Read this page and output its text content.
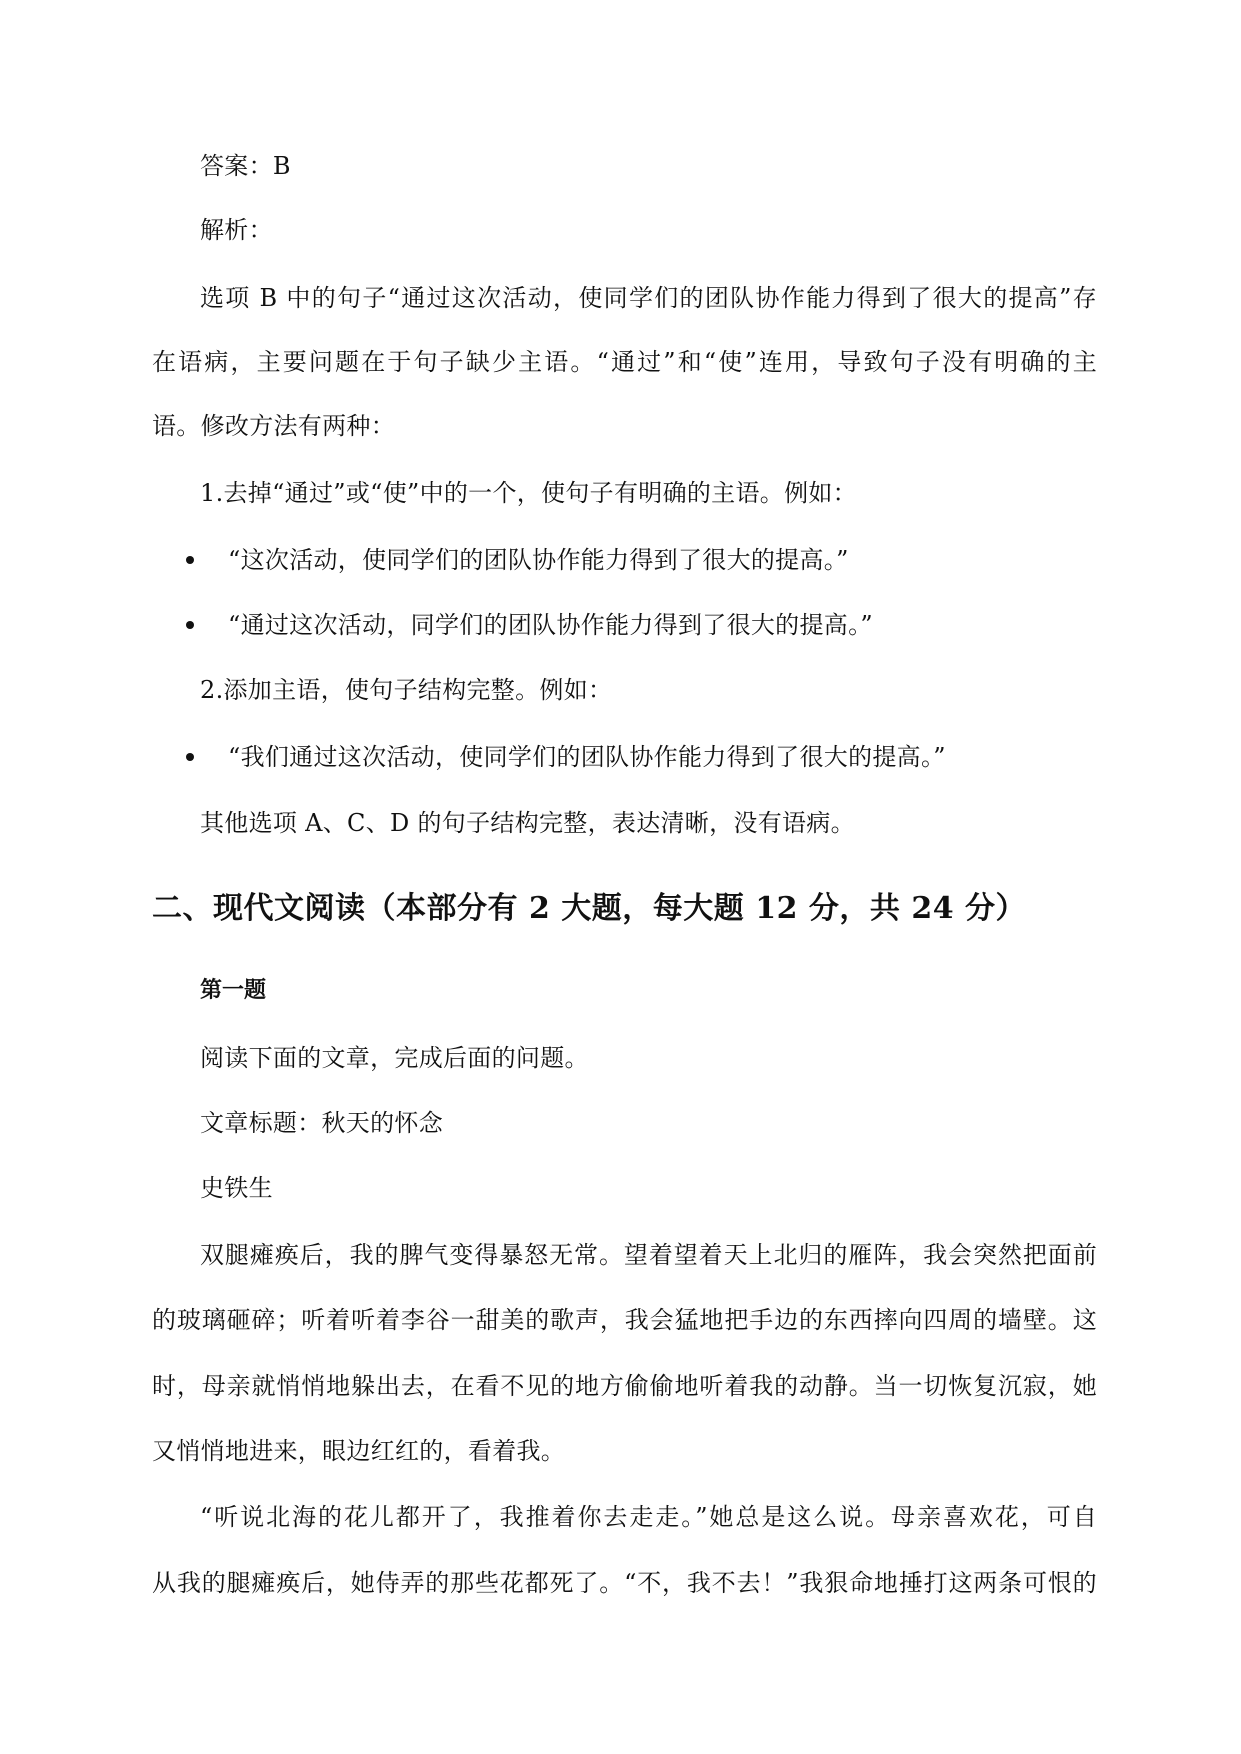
答案：B
解析：
选项 B 中的句子“通过这次活动，使同学们的团队协作能力得到了很大的提高”存
在语病，主要问题在于句子缺少主语。“通过”和“使”连用，导致句子没有明确的主
语。修改方法有两种：
1.去掉“通过”或“使”中的一个，使句子有明确的主语。例如：
“这次活动，使同学们的团队协作能力得到了很大的提高。”
“通过这次活动，同学们的团队协作能力得到了很大的提高。”
2.添加主语，使句子结构完整。例如：
“我们通过这次活动，使同学们的团队协作能力得到了很大的提高。”
其他选项 A、C、D 的句子结构完整，表达清晰，没有语病。
二、现代文阅读（本部分有 2 大题，每大题 12 分，共 24 分）
第一题
阅读下面的文章，完成后面的问题。
文章标题：秋天的怀念
史铁生
双腿瘫痪后，我的脾气变得暴怒无常。望着望着天上北归的雁阵，我会突然把面前
的玻璃砸碎；听着听着李谷一甜美的歌声，我会猛地把手边的东西摔向四周的墙壁。这
时，母亲就悄悄地躲出去，在看不见的地方偷偷地听着我的动静。当一切恢复沉寂，她
又悄悄地进来，眼边红红的，看着我。
“听说北海的花儿都开了，我推着你去走走。”她总是这么说。母亲喜欢花，可自
从我的腿瘫痪后，她侍弄的那些花都死了。“不，我不去！”我狠命地捶打这两条可恨的
